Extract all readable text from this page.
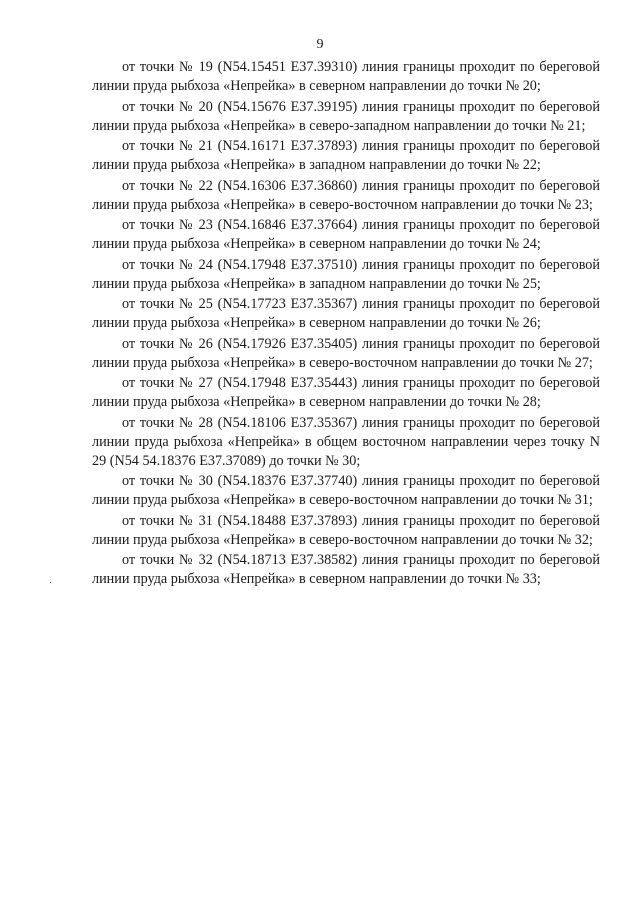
9

от точки № 19 (N54.15451 E37.39310) линия границы проходит по береговой линии пруда рыбхоза «Непрейка» в северном направлении до точки № 20;

от точки № 20 (N54.15676 E37.39195) линия границы проходит по береговой линии пруда рыбхоза «Непрейка» в северо-западном направлении до точки № 21;

от точки № 21 (N54.16171 E37.37893) линия границы проходит по береговой линии пруда рыбхоза «Непрейка» в западном направлении до точки № 22;

от точки № 22 (N54.16306 E37.36860) линия границы проходит по береговой линии пруда рыбхоза «Непрейка» в северо-восточном направлении до точки № 23;

от точки № 23 (N54.16846 E37.37664) линия границы проходит по береговой линии пруда рыбхоза «Непрейка» в северном направлении до точки № 24;

от точки № 24 (N54.17948 E37.37510) линия границы проходит по береговой линии пруда рыбхоза «Непрейка» в западном направлении до точки № 25;

от точки № 25 (N54.17723 E37.35367) линия границы проходит по береговой линии пруда рыбхоза «Непрейка» в северном направлении до точки № 26;

от точки № 26 (N54.17926 E37.35405) линия границы проходит по береговой линии пруда рыбхоза «Непрейка» в северо-восточном направлении до точки № 27;

от точки № 27 (N54.17948 E37.35443) линия границы проходит по береговой линии пруда рыбхоза «Непрейка» в северном направлении до точки № 28;

от точки № 28 (N54.18106 E37.35367) линия границы проходит по береговой линии пруда рыбхоза «Непрейка» в общем восточном направлении через точку N 29 (N54 54.18376 E37.37089) до точки № 30;

от точки № 30 (N54.18376 E37.37740) линия границы проходит по береговой линии пруда рыбхоза «Непрейка» в северо-восточном направлении до точки № 31;

от точки № 31 (N54.18488 E37.37893) линия границы проходит по береговой линии пруда рыбхоза «Непрейка» в северо-восточном направлении до точки № 32;

от точки № 32 (N54.18713 E37.38582) линия границы проходит по береговой линии пруда рыбхоза «Непрейка» в северном направлении до точки № 33;
